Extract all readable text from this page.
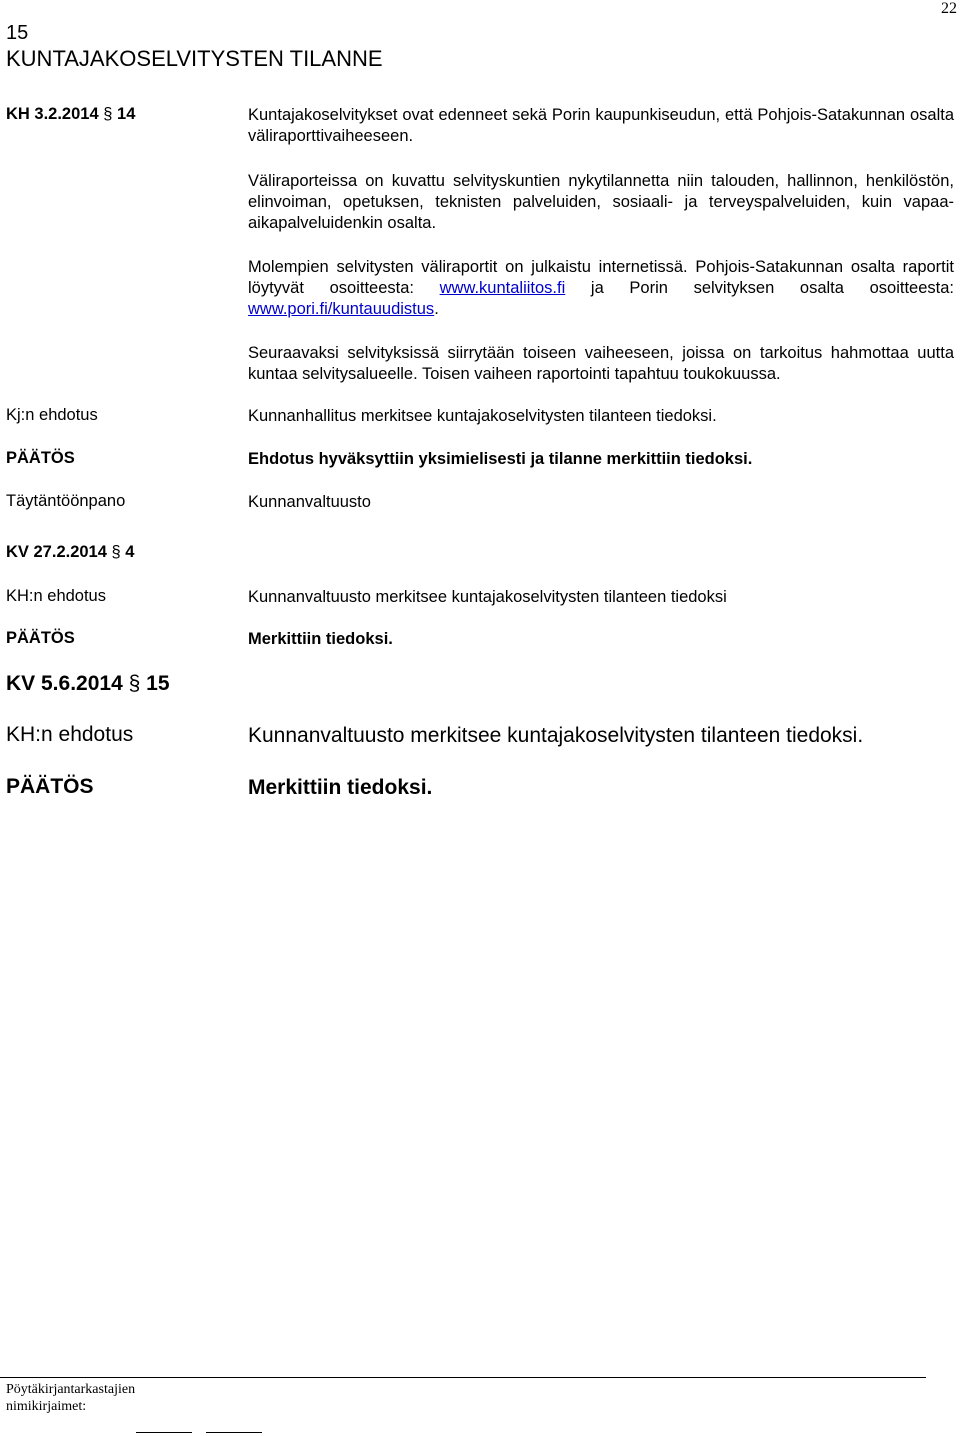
22
15
KUNTAJAKOSELVITYSTEN TILANNE
KH 3.2.2014 § 14	Kuntajakoselvitykset ovat edenneet sekä Porin kaupunkiseudun, että Pohjois-Satakunnan osalta väliraporttivaiheeseen.
Väliraporteissa on kuvattu selvityskuntien nykytilannetta niin talouden, hallinnon, henkilöstön, elinvoiman, opetuksen, teknisten palveluiden, sosiaali- ja terveyspalveluiden, kuin vapaa-aikapalveluidenkin osalta.
Molempien selvitysten väliraportit on julkaistu internetissä. Pohjois-Satakunnan osalta raportit löytyvät osoitteesta: www.kuntaliitos.fi ja Porin selvityksen osalta osoitteesta: www.pori.fi/kuntauudistus.
Seuraavaksi selvityksissä siirrytään toiseen vaiheeseen, joissa on tarkoitus hahmottaa uutta kuntaa selvitysalueelle. Toisen vaiheen raportointi tapahtuu toukokuussa.
Kj:n ehdotus	Kunnanhallitus merkitsee kuntajakoselvitysten tilanteen tiedoksi.
PÄÄTÖS	Ehdotus hyväksyttiin yksimielisesti ja tilanne merkittiin tiedoksi.
Täytäntöönpano	Kunnanvaltuusto
KV 27.2.2014 § 4
KH:n ehdotus	Kunnanvaltuusto merkitsee kuntajakoselvitysten tilanteen tiedoksi
PÄÄTÖS	Merkittiin tiedoksi.
KV 5.6.2014 § 15
KH:n ehdotus	Kunnanvaltuusto merkitsee kuntajakoselvitysten tilanteen tiedoksi.
PÄÄTÖS	Merkittiin tiedoksi.
Pöytäkirjantarkastajien
nimikirjaimet:
